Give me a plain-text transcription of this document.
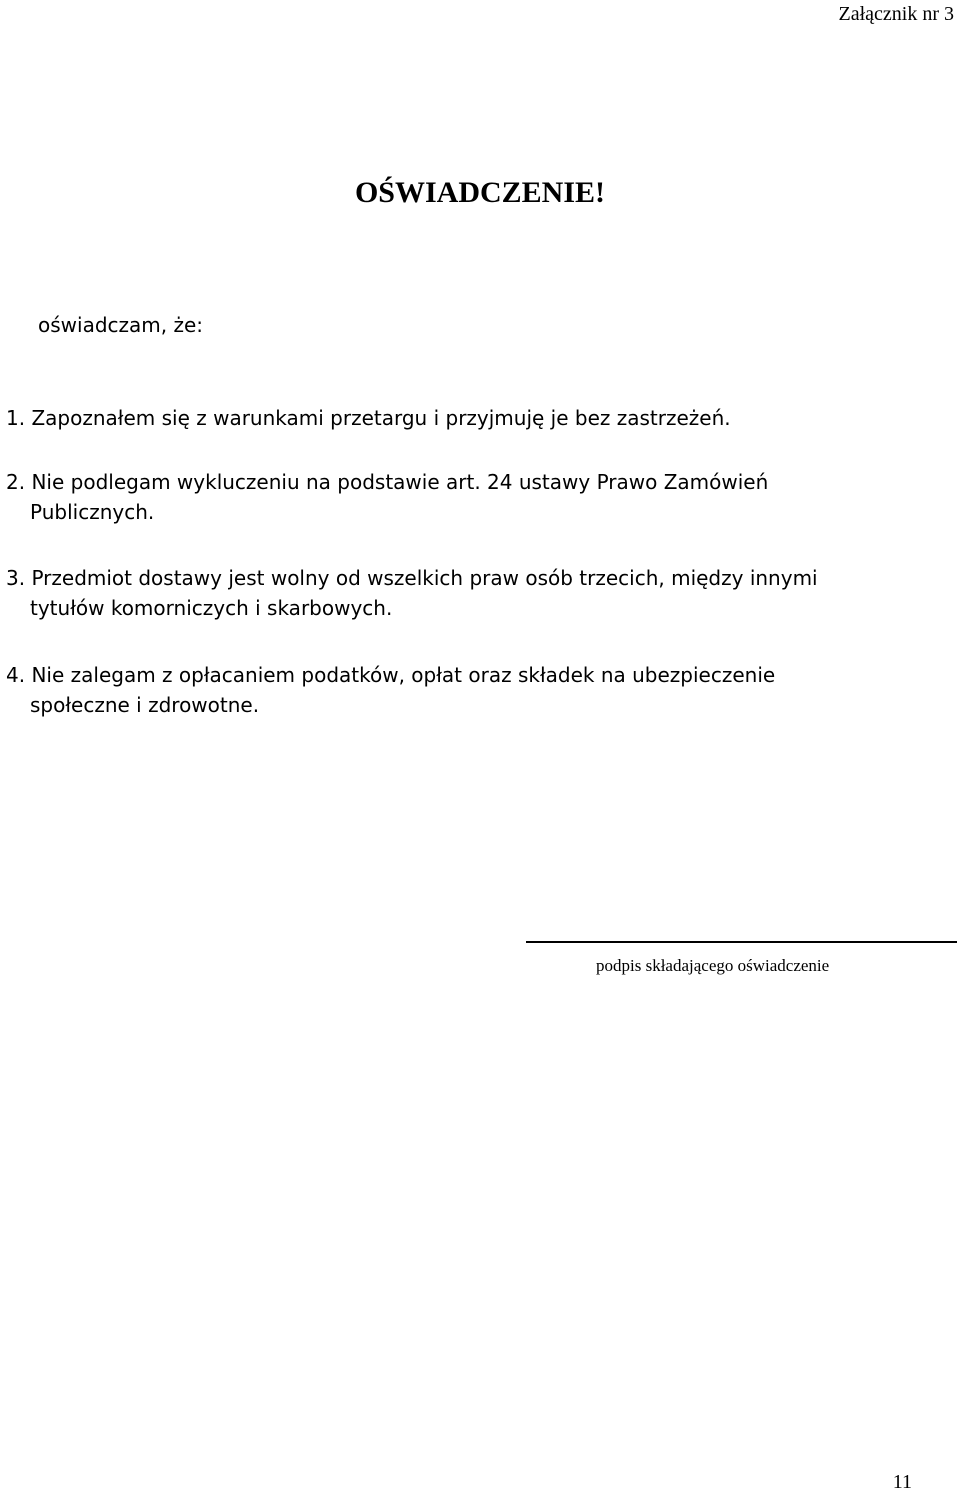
Załącznik nr 3
OŚWIADCZENIE!
oświadczam, że:
1. Zapoznałem się z warunkami przetargu i przyjmuję je bez zastrzeżeń.
2. Nie podlegam wykluczeniu na podstawie art. 24 ustawy Prawo Zamówień
Publicznych.
3. Przedmiot dostawy jest wolny od wszelkich praw osób trzecich, między innymi
tytułów komorniczych i skarbowych.
4. Nie zalegam z opłacaniem podatków, opłat oraz składek na ubezpieczenie
społeczne i zdrowotne.
podpis składającego oświadczenie
11
